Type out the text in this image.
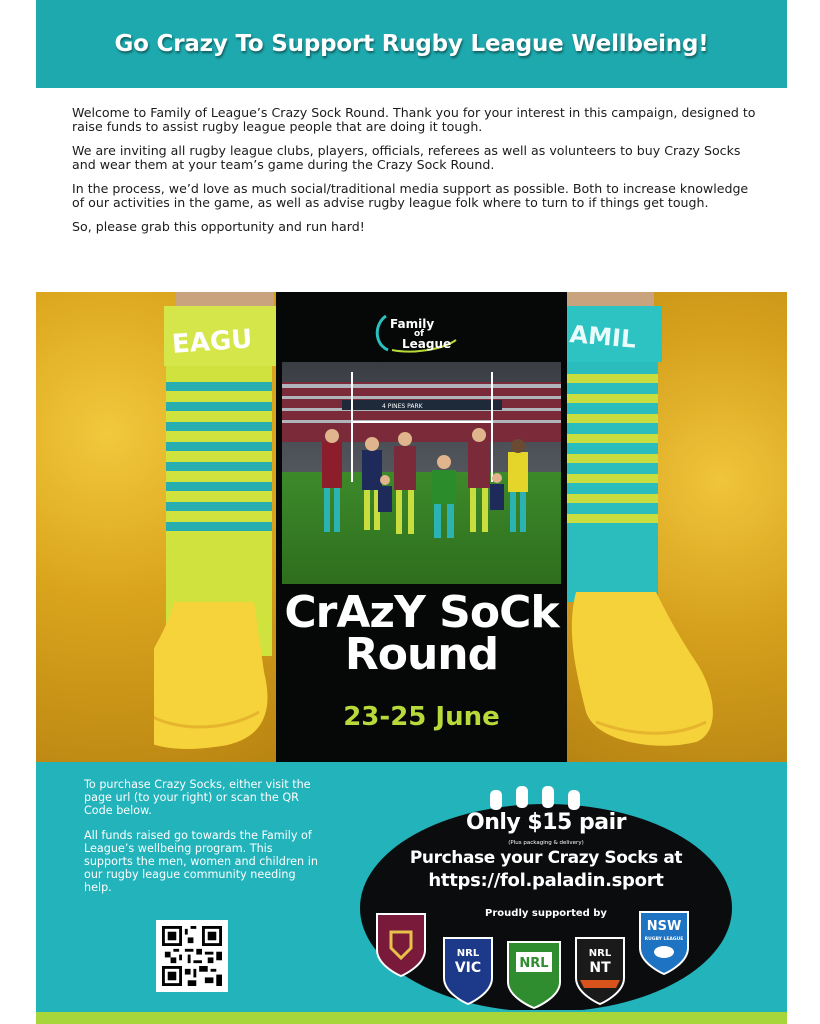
Go Crazy To Support Rugby League Wellbeing!

Welcome to Family of League’s Crazy Sock Round. Thank you for your interest in this campaign, designed to raise funds to assist rugby league people that are doing it tough.

We are inviting all rugby league clubs, players, officials, referees as well as volunteers to buy Crazy Socks and wear them at your team’s game during the Crazy Sock Round.

In the process, we’d love as much social/traditional media support as possible. Both to increase knowledge of our activities in the game, as well as advise rugby league folk where to turn to if things get tough.

So, please grab this opportunity and run hard!

EAGU	AMIL
Family
of
League
4 PINES PARK
CrAzY SoCk
Round
23-25 June

To purchase Crazy Socks, either visit the page url (to your right) or scan the QR Code below.

All funds raised go towards the Family of League’s wellbeing program. This supports the men, women and children in our rugby league community needing help.

Only $15 pair
(Plus packaging & delivery)
Purchase your Crazy Socks at
https://fol.paladin.sport
Proudly supported by
NRL
VIC	NRL
NRL
NT
NSW
RUGBY LEAGUE
